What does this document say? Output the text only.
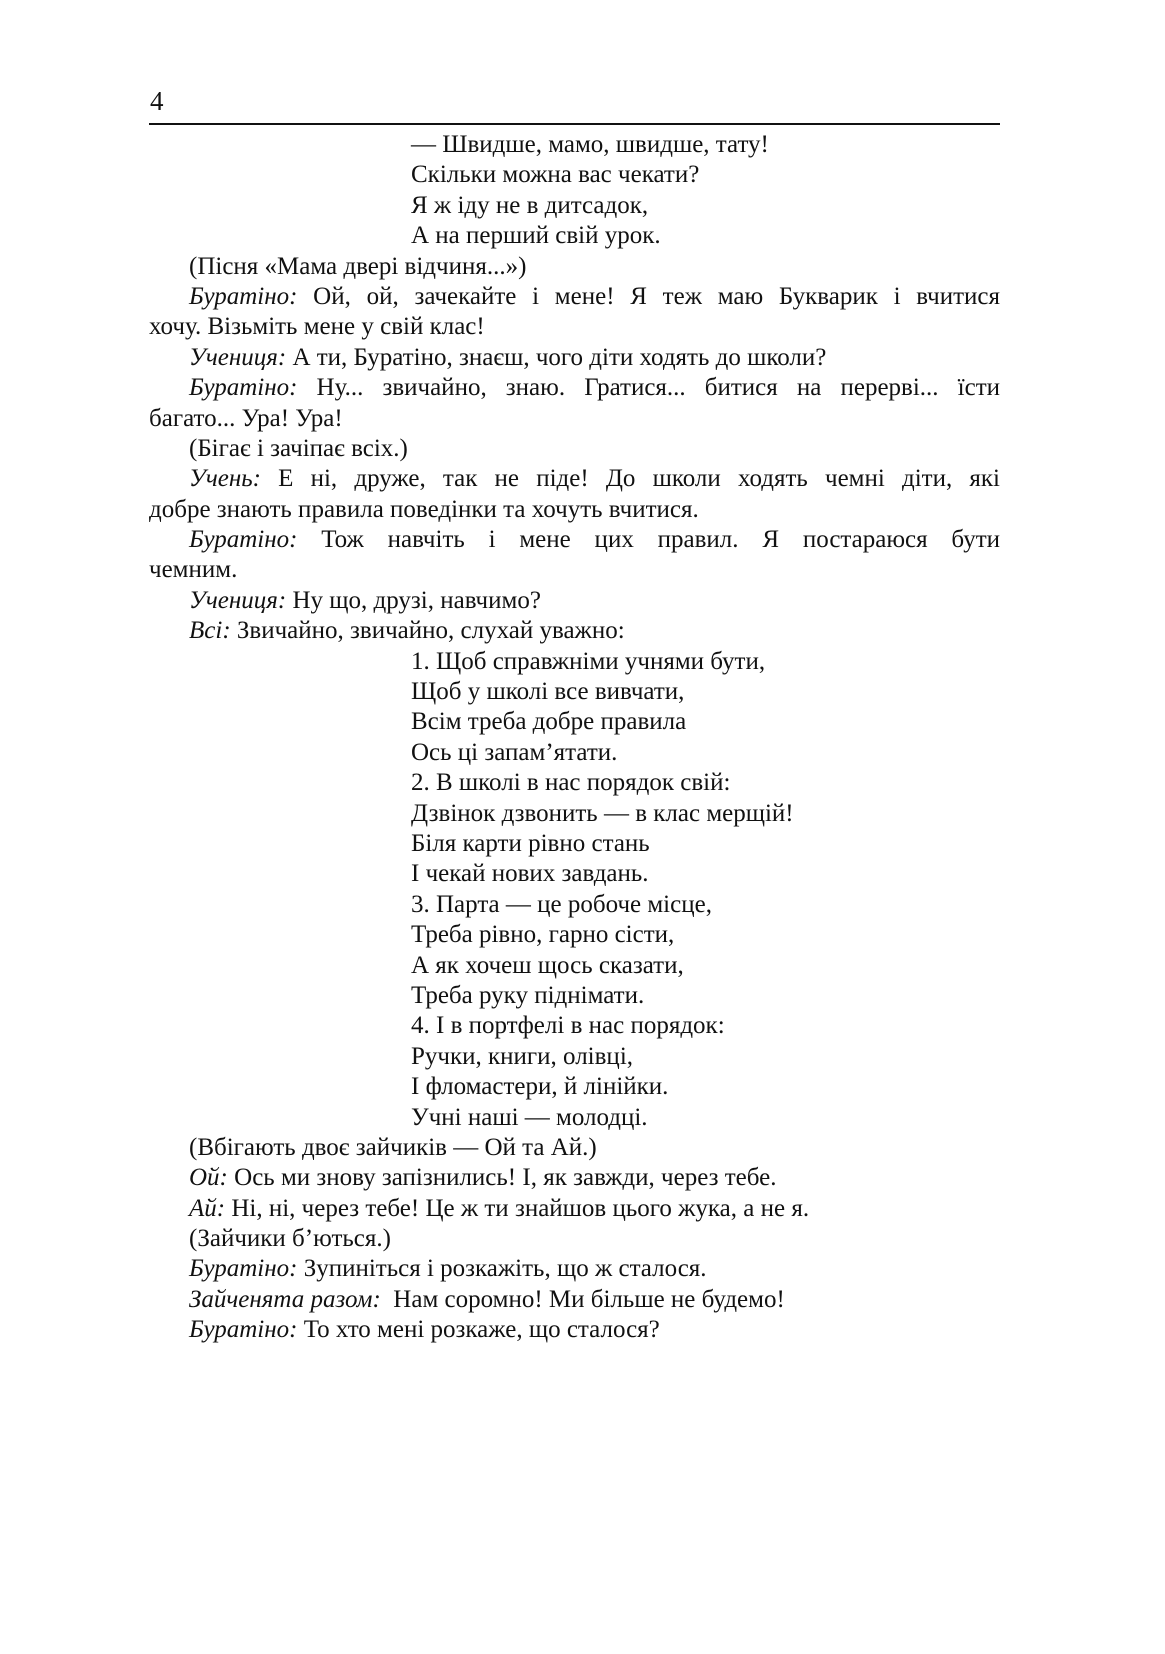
4
— Швидше, мамо, швидше, тату!
Скільки можна вас чекати?
Я ж іду не в дитсадок,
А на перший свій урок.
(Пісня «Мама двері відчиня...»)
Буратіно: Ой, ой, зачекайте і мене! Я теж маю Букварик і вчитися
хочу. Візьміть мене у свій клас!
Учениця: А ти, Буратіно, знаєш, чого діти ходять до школи?
Буратіно: Ну... звичайно, знаю. Гратися... битися на перерві... їсти
багато... Ура! Ура!
(Бігає і зачіпає всіх.)
Учень: Е ні, друже, так не піде! До школи ходять чемні діти, які
добре знають правила поведінки та хочуть вчитися.
Буратіно: Тож навчіть і мене цих правил. Я постараюся бути
чемним.
Учениця: Ну що, друзі, навчимо?
Всі: Звичайно, звичайно, слухай уважно:
1. Щоб справжніми учнями бути,
Щоб у школі все вивчати,
Всім треба добре правила
Ось ці запам’ятати.
2. В школі в нас порядок свій:
Дзвінок дзвонить — в клас мерщій!
Біля карти рівно стань
І чекай нових завдань.
3. Парта — це робоче місце,
Треба рівно, гарно сісти,
А як хочеш щось сказати,
Треба руку піднімати.
4. І в портфелі в нас порядок:
Ручки, книги, олівці,
І фломастери, й лінійки.
Учні наші — молодці.
(Вбігають двоє зайчиків — Ой та Ай.)
Ой: Ось ми знову запізнились! І, як завжди, через тебе.
Ай: Ні, ні, через тебе! Це ж ти знайшов цього жука, а не я.
(Зайчики б’ються.)
Буратіно: Зупиніться і розкажіть, що ж сталося.
Зайченята разом:  Нам соромно! Ми більше не будемо!
Буратіно: То хто мені розкаже, що сталося?
